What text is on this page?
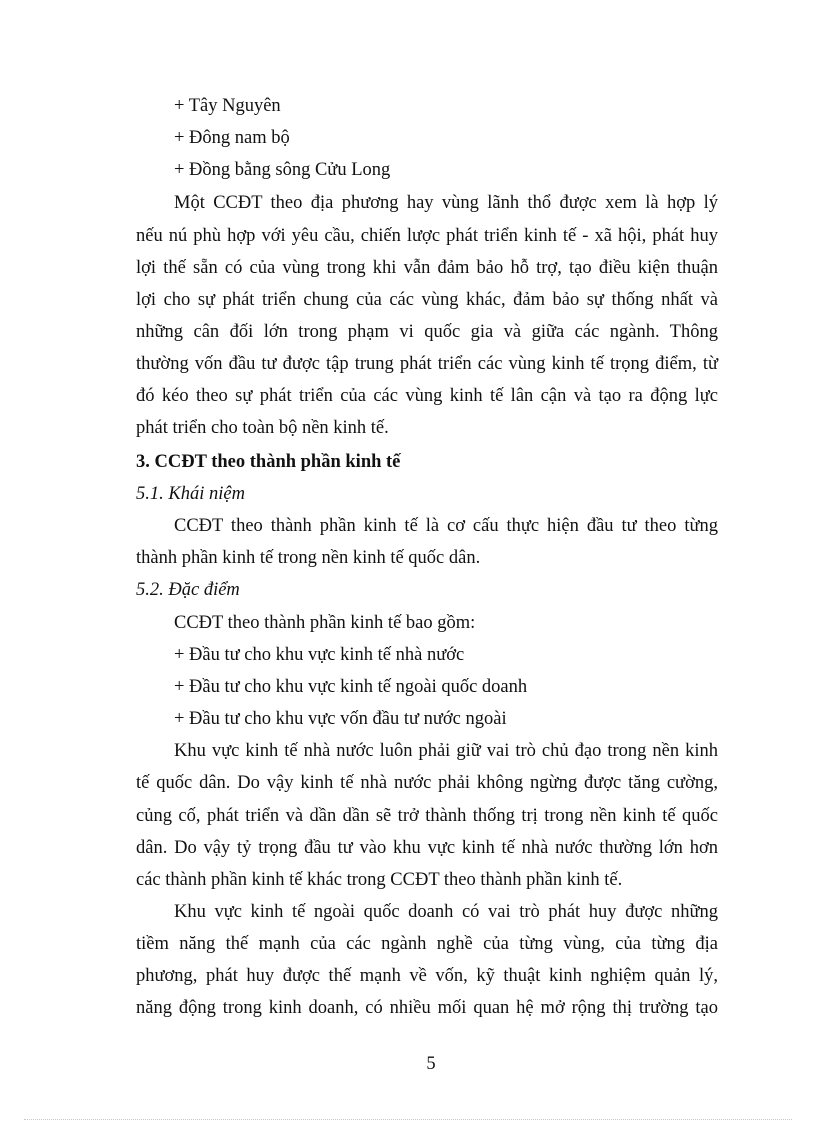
+ Tây Nguyên
+ Đông nam bộ
+ Đồng bằng sông Cửu Long
Một CCĐT theo địa phương hay vùng lãnh thổ được xem là hợp lý
nếu nú phù hợp với yêu cầu, chiến lược phát triển kinh tế - xã hội, phát huy
lợi thế sẵn có của vùng trong khi vẫn đảm bảo hỗ trợ, tạo điều kiện thuận
lợi cho sự phát triển chung của các vùng khác, đảm bảo sự thống nhất và
những cân đối lớn trong phạm vi quốc gia và giữa các ngành. Thông
thường vốn đầu tư được tập trung phát triển các vùng kinh tế trọng điểm, từ
đó kéo theo sự phát triển của các vùng kinh tế lân cận và tạo ra động lực
phát triển cho toàn bộ nền kinh tế.
3. CCĐT theo thành phần kinh tế
5.1. Khái niệm
CCĐT theo thành phần kinh tế là cơ cấu thực hiện đầu tư theo từng
thành phần kinh tế trong nền kinh tế quốc dân.
5.2. Đặc điểm
CCĐT theo thành phần kinh tế bao gồm:
+ Đầu tư cho khu vực kinh tế nhà nước
+ Đầu tư cho khu vực kinh tế ngoài quốc doanh
+ Đầu tư cho khu vực vốn đầu tư nước ngoài
Khu vực kinh tế nhà nước luôn phải giữ vai trò chủ đạo trong nền kinh
tế quốc dân. Do vậy kinh tế nhà nước phải không ngừng được tăng cường,
củng cố, phát triển và dần dần sẽ trở thành thống trị trong nền kinh tế quốc
dân. Do vậy tỷ trọng đầu tư vào khu vực kinh tế nhà nước thường lớn hơn
các thành phần kinh tế khác trong CCĐT theo thành phần kinh tế.
Khu vực kinh tế ngoài quốc doanh có vai trò phát huy được những
tiềm năng thế mạnh của các ngành nghề của từng vùng, của từng địa
phương, phát huy được thế mạnh về vốn, kỹ thuật kinh nghiệm quản lý,
năng động trong kinh doanh, có nhiều mối quan hệ mở rộng thị trường tạo
5
